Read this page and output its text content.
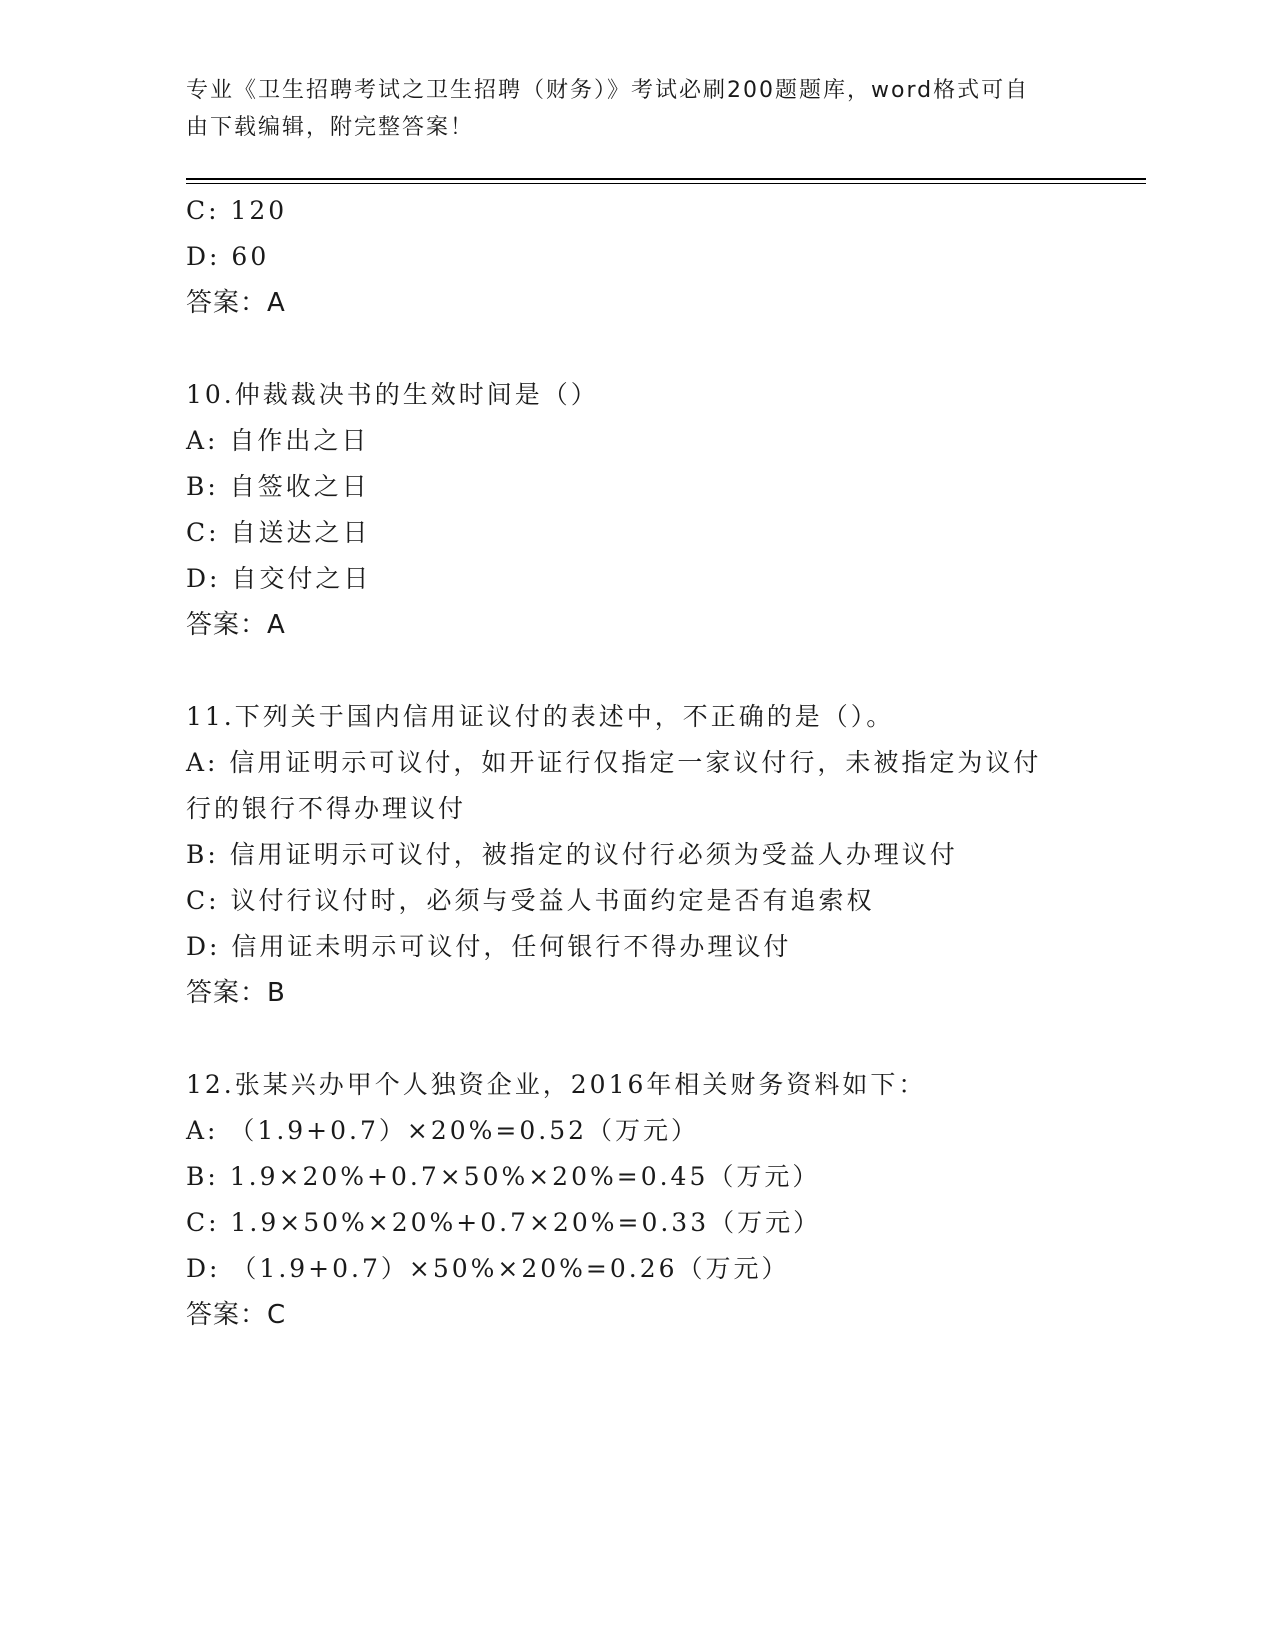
专业《卫生招聘考试之卫生招聘（财务）》考试必刷200题题库，word格式可自
由下载编辑，附完整答案！
C: 120
D: 60
答案：A
10.仲裁裁决书的生效时间是（）
A: 自作出之日
B: 自签收之日
C: 自送达之日
D: 自交付之日
答案：A
11.下列关于国内信用证议付的表述中，不正确的是（）。
A: 信用证明示可议付，如开证行仅指定一家议付行，未被指定为议付
行的银行不得办理议付
B: 信用证明示可议付，被指定的议付行必须为受益人办理议付
C: 议付行议付时，必须与受益人书面约定是否有追索权
D: 信用证未明示可议付，任何银行不得办理议付
答案：B
12.张某兴办甲个人独资企业，2016年相关财务资料如下：
A: （1.9+0.7）×20%=0.52（万元）
B: 1.9×20%+0.7×50%×20%=0.45（万元）
C: 1.9×50%×20%+0.7×20%=0.33（万元）
D: （1.9+0.7）×50%×20%=0.26（万元）
答案：C
